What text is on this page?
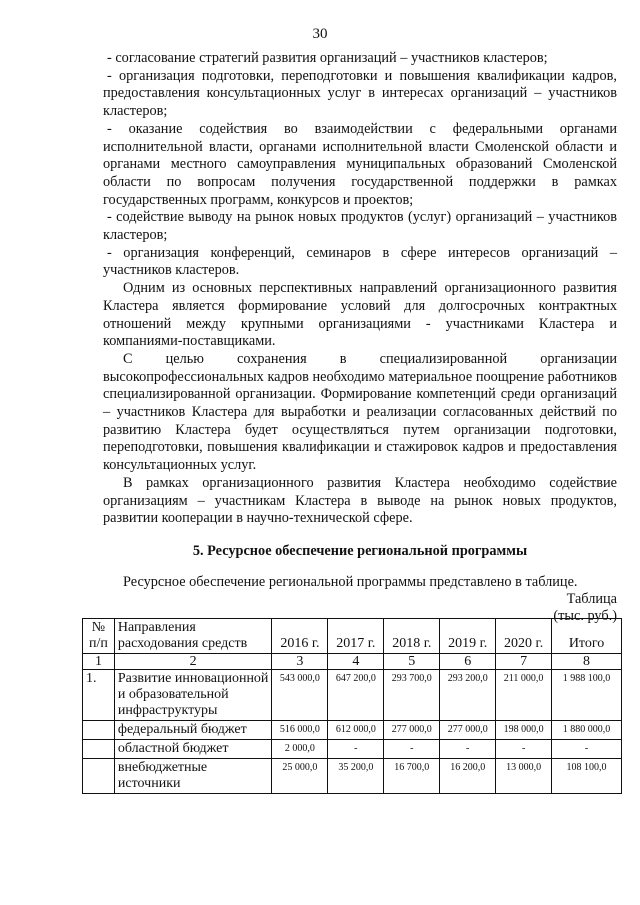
30

- согласование стратегий развития организаций – участников кластеров;

- организация подготовки, переподготовки и повышения квалификации кадров, предоставления консультационных услуг в интересах организаций – участников кластеров;

- оказание содействия во взаимодействии с федеральными органами исполнительной власти, органами исполнительной власти Смоленской области и органами местного самоуправления муниципальных образований Смоленской области по вопросам получения государственной поддержки в рамках государственных программ, конкурсов и проектов;

- содействие выводу на рынок новых продуктов (услуг) организаций – участников кластеров;

- организация конференций, семинаров в сфере интересов организаций – участников кластеров.

Одним из основных перспективных направлений организационного развития Кластера является формирование условий для долгосрочных контрактных отношений между крупными организациями - участниками Кластера и компаниями-поставщиками.

С целью сохранения в специализированной организации высокопрофессиональных кадров необходимо материальное поощрение работников специализированной организации. Формирование компетенций среди организаций – участников Кластера для выработки и реализации согласованных действий по развитию Кластера будет осуществляться путем организации подготовки, переподготовки, повышения квалификации и стажировок кадров и предоставления консультационных услуг.

В рамках организационного развития Кластера необходимо содействие организациям – участникам Кластера в выводе на рынок новых продуктов, развитии кооперации в научно-технической сфере.

5. Ресурсное обеспечение региональной программы

Ресурсное обеспечение региональной программы представлено в таблице.

Таблица

(тыс. руб.)

№ п/п	Направления расходования средств	2016 г.	2017 г.	2018 г.	2019 г.	2020 г.	Итого
1	2	3	4	5	6	7	8
1.	Развитие инновационной и образовательной инфраструктуры	543 000,0	647 200,0	293 700,0	293 200,0	211 000,0	1 988 100,0
	федеральный бюджет	516 000,0	612 000,0	277 000,0	277 000,0	198 000,0	1 880 000,0
	областной бюджет	2 000,0	-	-	-	-	-
	внебюджетные источники	25 000,0	35 200,0	16 700,0	16 200,0	13 000,0	108 100,0
